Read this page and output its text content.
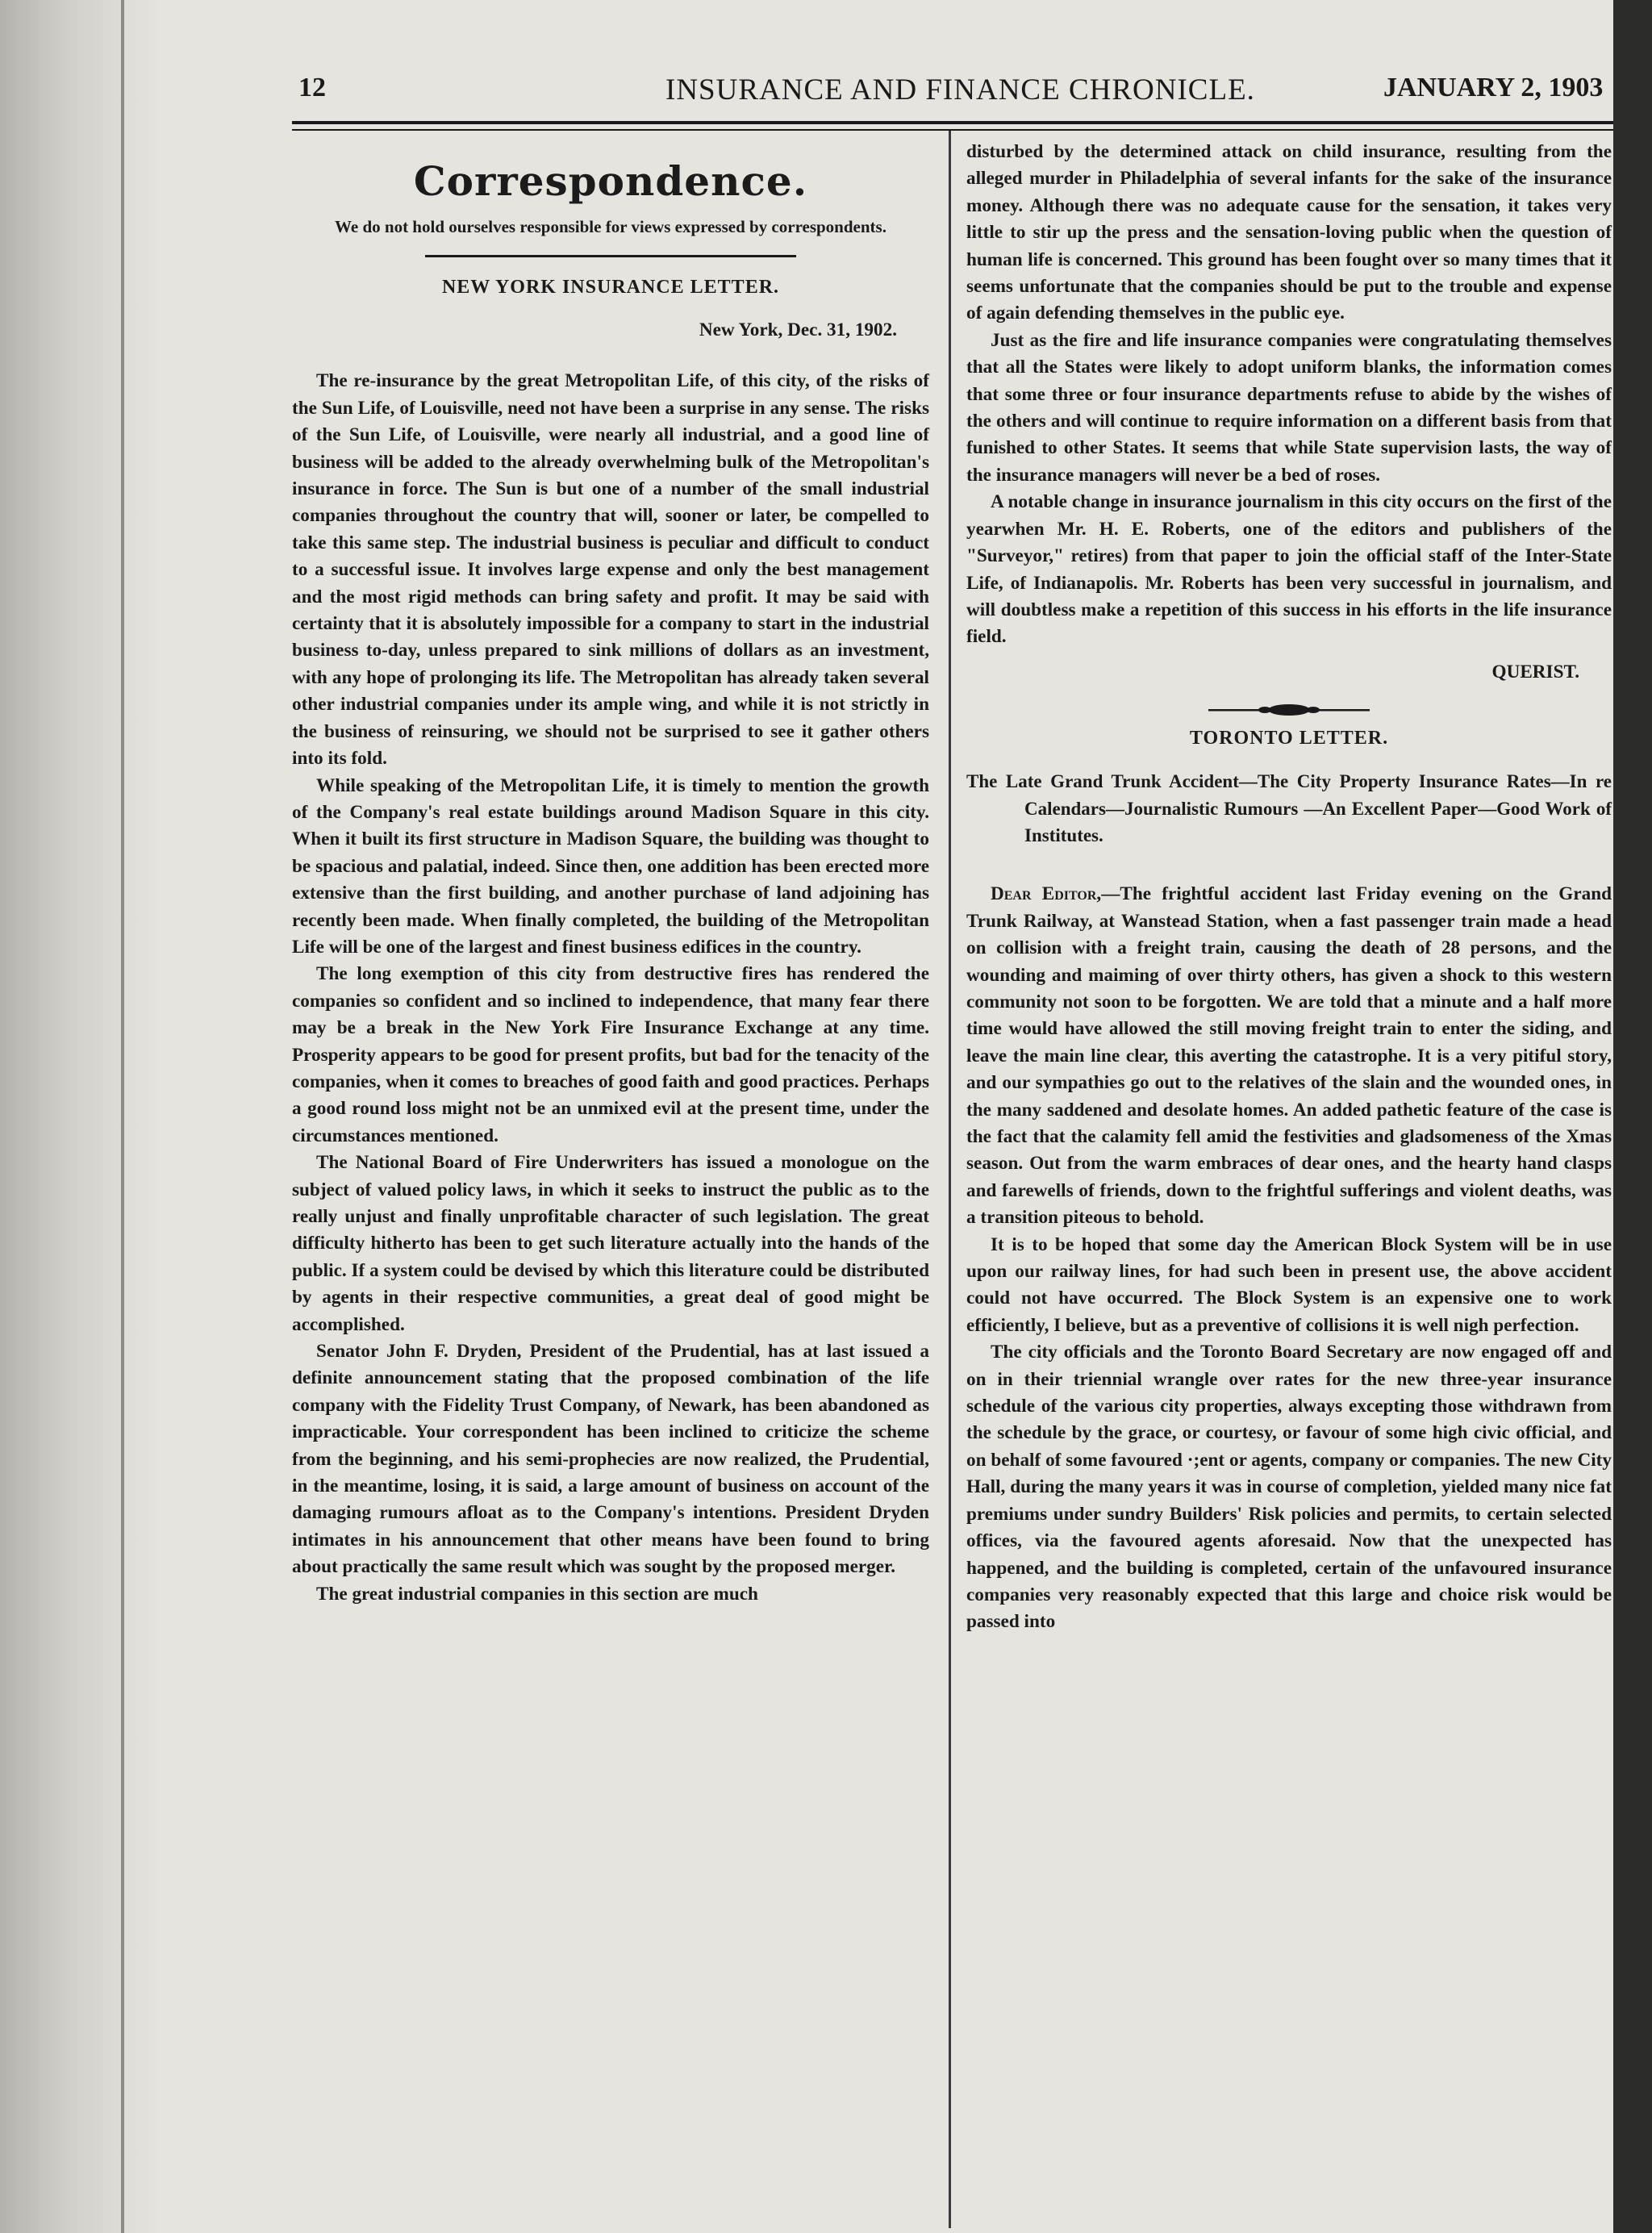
12	INSURANCE AND FINANCE CHRONICLE.	JANUARY 2, 1903
Correspondence.
We do not hold ourselves responsible for views expressed by correspondents.
NEW YORK INSURANCE LETTER.
New York, Dec. 31, 1902.

The re-insurance by the great Metropolitan Life, of this city, of the risks of the Sun Life, of Louisville, need not have been a surprise in any sense. The risks of the Sun Life, of Louisville, were nearly all industrial, and a good line of business will be added to the already overwhelming bulk of the Metropolitan's insurance in force. The Sun is but one of a number of the small industrial companies throughout the country that will, sooner or later, be compelled to take this same step. The industrial business is peculiar and difficult to conduct to a successful issue. It involves large expense and only the best management and the most rigid methods can bring safety and profit. It may be said with certainty that it is absolutely impossible for a company to start in the industrial business to-day, unless prepared to sink millions of dollars as an investment, with any hope of prolonging its life. The Metropolitan has already taken several other industrial companies under its ample wing, and while it is not strictly in the business of reinsuring, we should not be surprised to see it gather others into its fold.

While speaking of the Metropolitan Life, it is timely to mention the growth of the Company's real estate buildings around Madison Square in this city. When it built its first structure in Madison Square, the building was thought to be spacious and palatial, indeed. Since then, one addition has been erected more extensive than the first building, and another purchase of land adjoining has recently been made. When finally completed, the building of the Metropolitan Life will be one of the largest and finest business edifices in the country.

The long exemption of this city from destructive fires has rendered the companies so confident and so inclined to independence, that many fear there may be a break in the New York Fire Insurance Exchange at any time. Prosperity appears to be good for present profits, but bad for the tenacity of the companies, when it comes to breaches of good faith and good practices. Perhaps a good round loss might not be an unmixed evil at the present time, under the circumstances mentioned.

The National Board of Fire Underwriters has issued a monologue on the subject of valued policy laws, in which it seeks to instruct the public as to the really unjust and finally unprofitable character of such legislation. The great difficulty hitherto has been to get such literature actually into the hands of the public. If a system could be devised by which this literature could be distributed by agents in their respective communities, a great deal of good might be accomplished.

Senator John F. Dryden, President of the Prudential, has at last issued a definite announcement stating that the proposed combination of the life company with the Fidelity Trust Company, of Newark, has been abandoned as impracticable. Your correspondent has been inclined to criticize the scheme from the beginning, and his semi-prophecies are now realized, the Prudential, in the meantime, losing, it is said, a large amount of business on account of the damaging rumours afloat as to the Company's intentions. President Dryden intimates in his announcement that other means have been found to bring about practically the same result which was sought by the proposed merger.

The great industrial companies in this section are much

disturbed by the determined attack on child insurance, resulting from the alleged murder in Philadelphia of several infants for the sake of the insurance money. Although there was no adequate cause for the sensation, it takes very little to stir up the press and the sensation-loving public when the question of human life is concerned. This ground has been fought over so many times that it seems unfortunate that the companies should be put to the trouble and expense of again defending themselves in the public eye.

Just as the fire and life insurance companies were congratulating themselves that all the States were likely to adopt uniform blanks, the information comes that some three or four insurance departments refuse to abide by the wishes of the others and will continue to require information on a different basis from that funished to other States. It seems that while State supervision lasts, the way of the insurance managers will never be a bed of roses.

A notable change in insurance journalism in this city occurs on the first of the yearwhen Mr. H. E. Roberts, one of the editors and publishers of the "Surveyor," retires) from that paper to join the official staff of the Inter-State Life, of Indianapolis. Mr. Roberts has been very successful in journalism, and will doubtless make a repetition of this success in his efforts in the life insurance field.

QUERIST.
TORONTO LETTER.
The Late Grand Trunk Accident—The City Property Insurance Rates—In re Calendars—Journalistic Rumours —An Excellent Paper—Good Work of Institutes.

Dear Editor,—The frightful accident last Friday evening on the Grand Trunk Railway, at Wanstead Station, when a fast passenger train made a head on collision with a freight train, causing the death of 28 persons, and the wounding and maiming of over thirty others, has given a shock to this western community not soon to be forgotten. We are told that a minute and a half more time would have allowed the still moving freight train to enter the siding, and leave the main line clear, this averting the catastrophe. It is a very pitiful story, and our sympathies go out to the relatives of the slain and the wounded ones, in the many saddened and desolate homes. An added pathetic feature of the case is the fact that the calamity fell amid the festivities and gladsomeness of the Xmas season. Out from the warm embraces of dear ones, and the hearty hand clasps and farewells of friends, down to the frightful sufferings and violent deaths, was a transition piteous to behold.

It is to be hoped that some day the American Block System will be in use upon our railway lines, for had such been in present use, the above accident could not have occurred. The Block System is an expensive one to work efficiently, I believe, but as a preventive of collisions it is well nigh perfection.

The city officials and the Toronto Board Secretary are now engaged off and on in their triennial wrangle over rates for the new three-year insurance schedule of the various city properties, always excepting those withdrawn from the schedule by the grace, or courtesy, or favour of some high civic official, and on behalf of some favoured ·;ent or agents, company or companies. The new City Hall, during the many years it was in course of completion, yielded many nice fat premiums under sundry Builders' Risk policies and permits, to certain selected offices, via the favoured agents aforesaid. Now that the unexpected has happened, and the building is completed, certain of the unfavoured insurance companies very reasonably expected that this large and choice risk would be passed into
